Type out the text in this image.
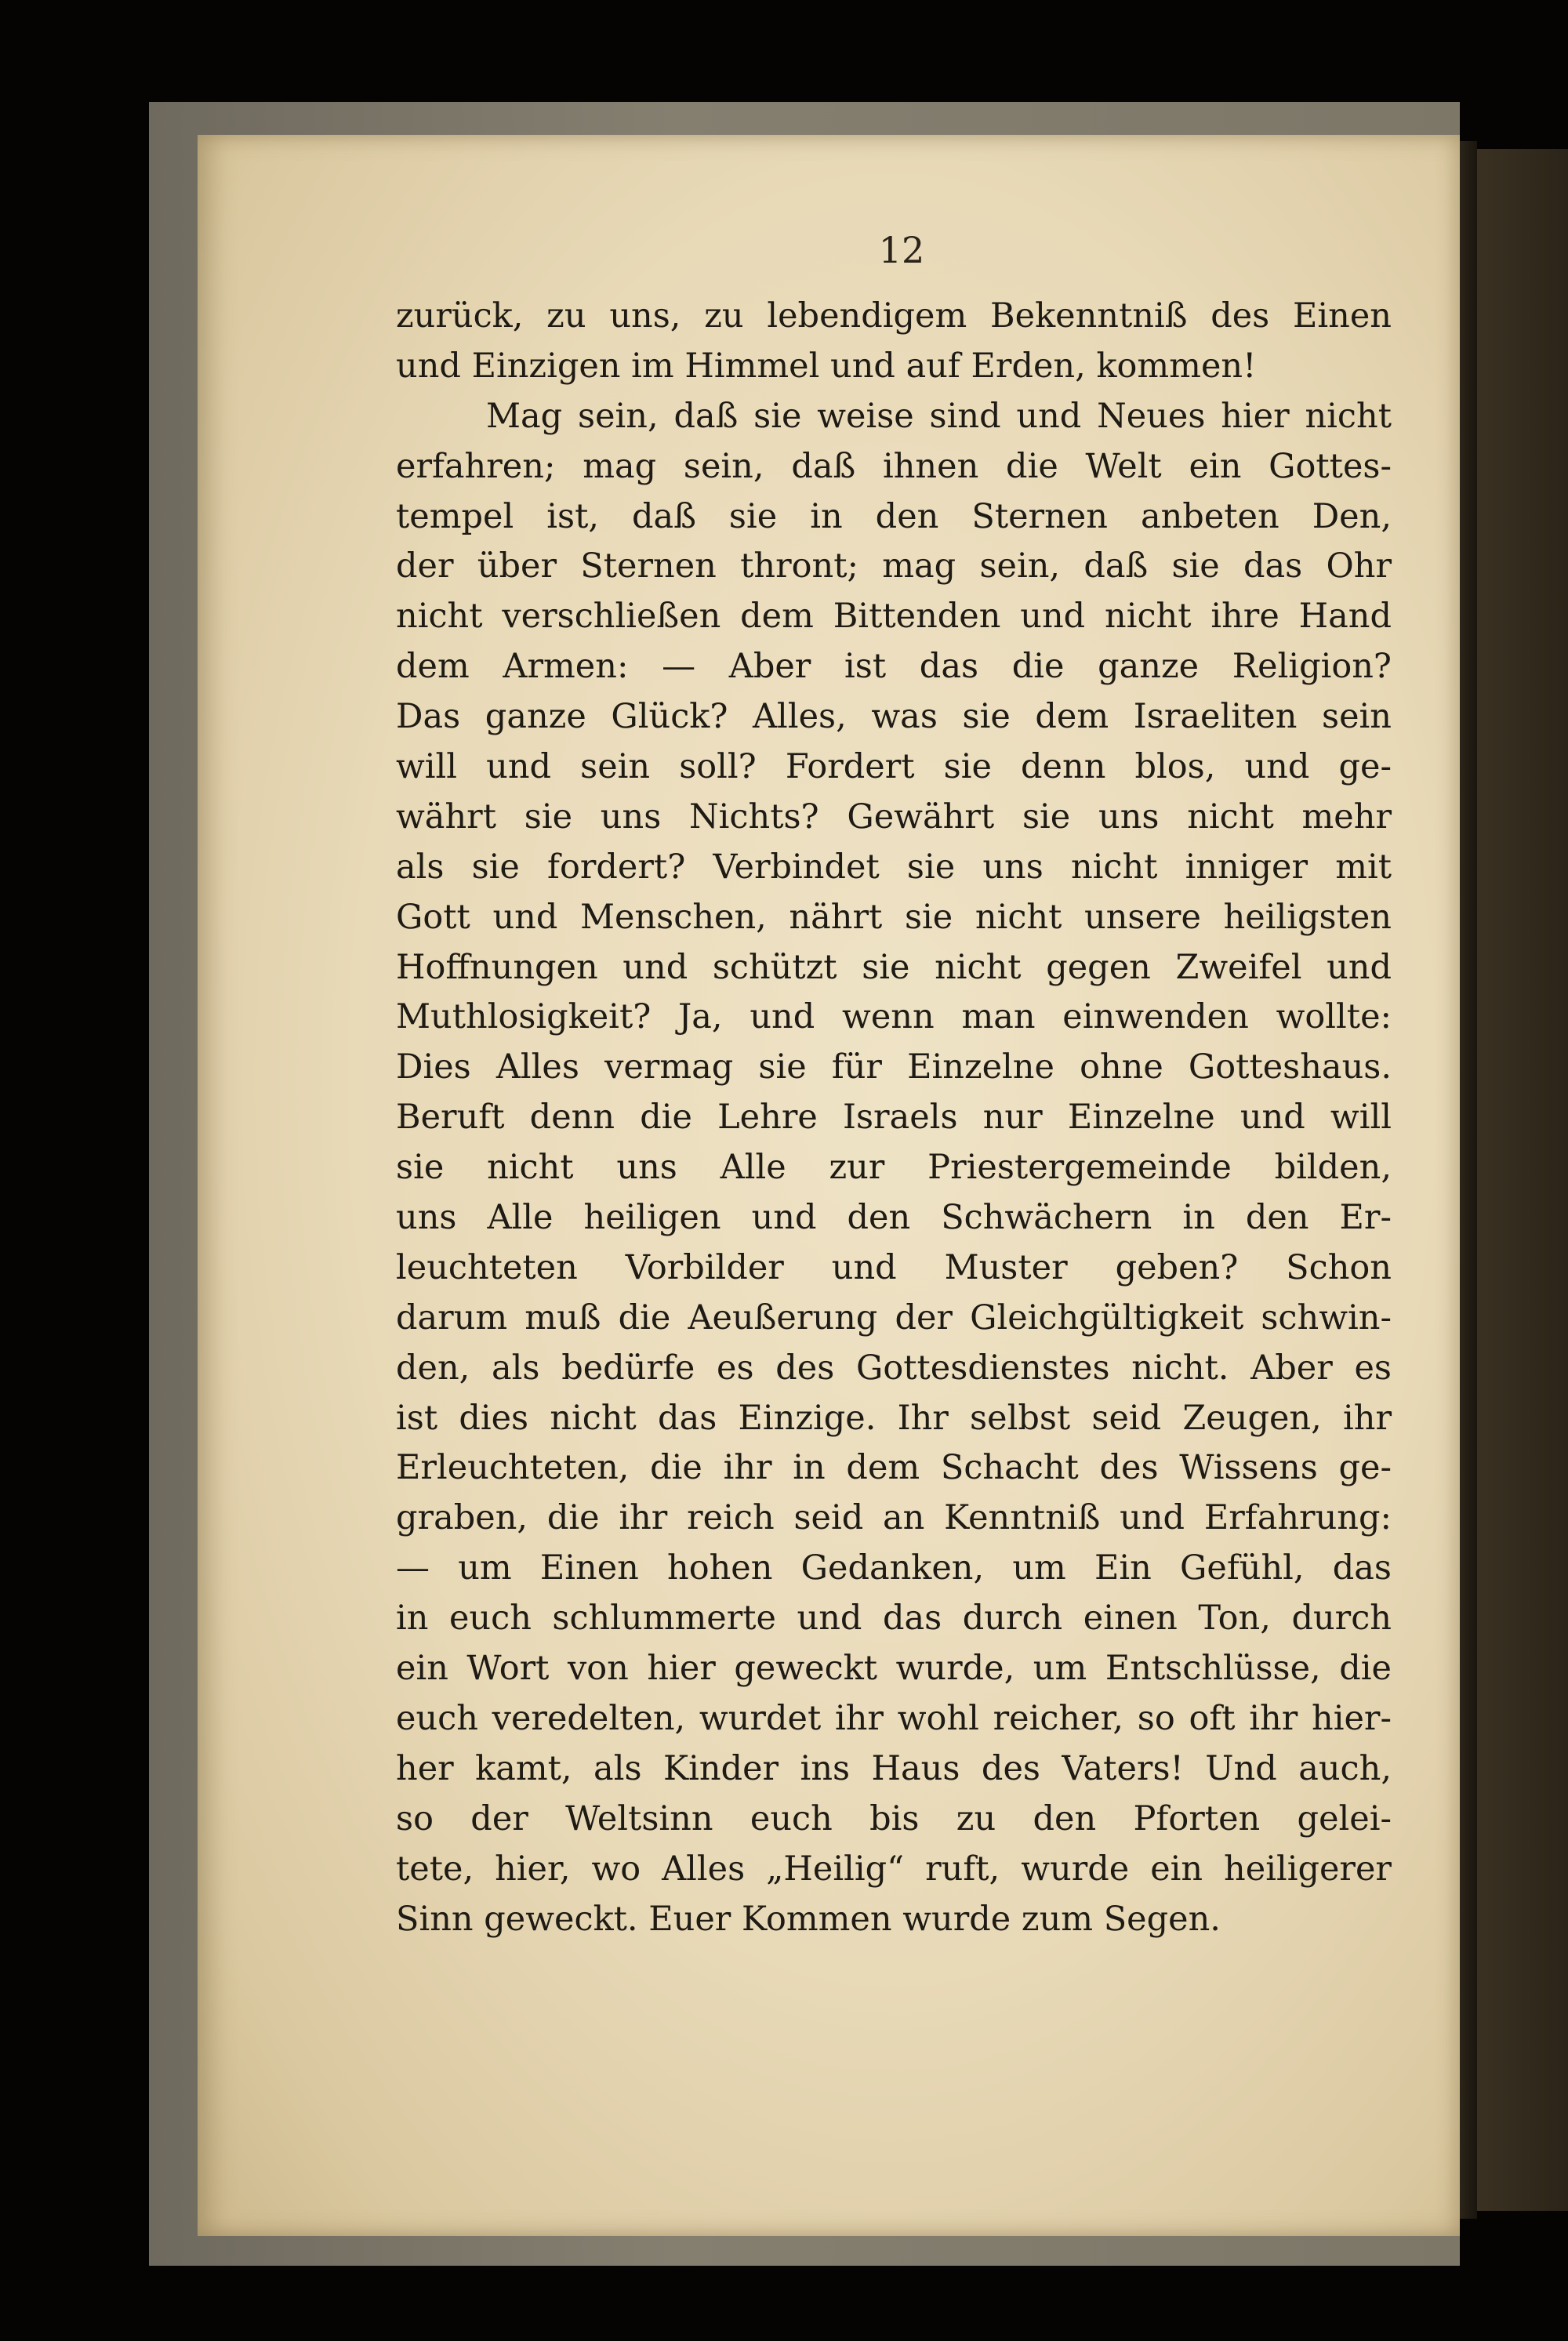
12
zurück, zu uns, zu lebendigem Bekenntniß des Einen
und Einzigen im Himmel und auf Erden, kommen!
Mag sein, daß sie weise sind und Neues hier nicht
erfahren; mag sein, daß ihnen die Welt ein Gottes-
tempel ist, daß sie in den Sternen anbeten Den,
der über Sternen thront; mag sein, daß sie das Ohr
nicht verschließen dem Bittenden und nicht ihre Hand
dem Armen: — Aber ist das die ganze Religion?
Das ganze Glück? Alles, was sie dem Israeliten sein
will und sein soll? Fordert sie denn blos, und ge-
währt sie uns Nichts? Gewährt sie uns nicht mehr
als sie fordert? Verbindet sie uns nicht inniger mit
Gott und Menschen, nährt sie nicht unsere heiligsten
Hoffnungen und schützt sie nicht gegen Zweifel und
Muthlosigkeit? Ja, und wenn man einwenden wollte:
Dies Alles vermag sie für Einzelne ohne Gotteshaus.
Beruft denn die Lehre Israels nur Einzelne und will
sie nicht uns Alle zur Priestergemeinde bilden,
uns Alle heiligen und den Schwächern in den Er-
leuchteten Vorbilder und Muster geben? Schon
darum muß die Aeußerung der Gleichgültigkeit schwin-
den, als bedürfe es des Gottesdienstes nicht. Aber es
ist dies nicht das Einzige. Ihr selbst seid Zeugen, ihr
Erleuchteten, die ihr in dem Schacht des Wissens ge-
graben, die ihr reich seid an Kenntniß und Erfahrung:
— um Einen hohen Gedanken, um Ein Gefühl, das
in euch schlummerte und das durch einen Ton, durch
ein Wort von hier geweckt wurde, um Entschlüsse, die
euch veredelten, wurdet ihr wohl reicher, so oft ihr hier-
her kamt, als Kinder ins Haus des Vaters! Und auch,
so der Weltsinn euch bis zu den Pforten gelei-
tete, hier, wo Alles „Heilig“ ruft, wurde ein heiligerer
Sinn geweckt. Euer Kommen wurde zum Segen.
